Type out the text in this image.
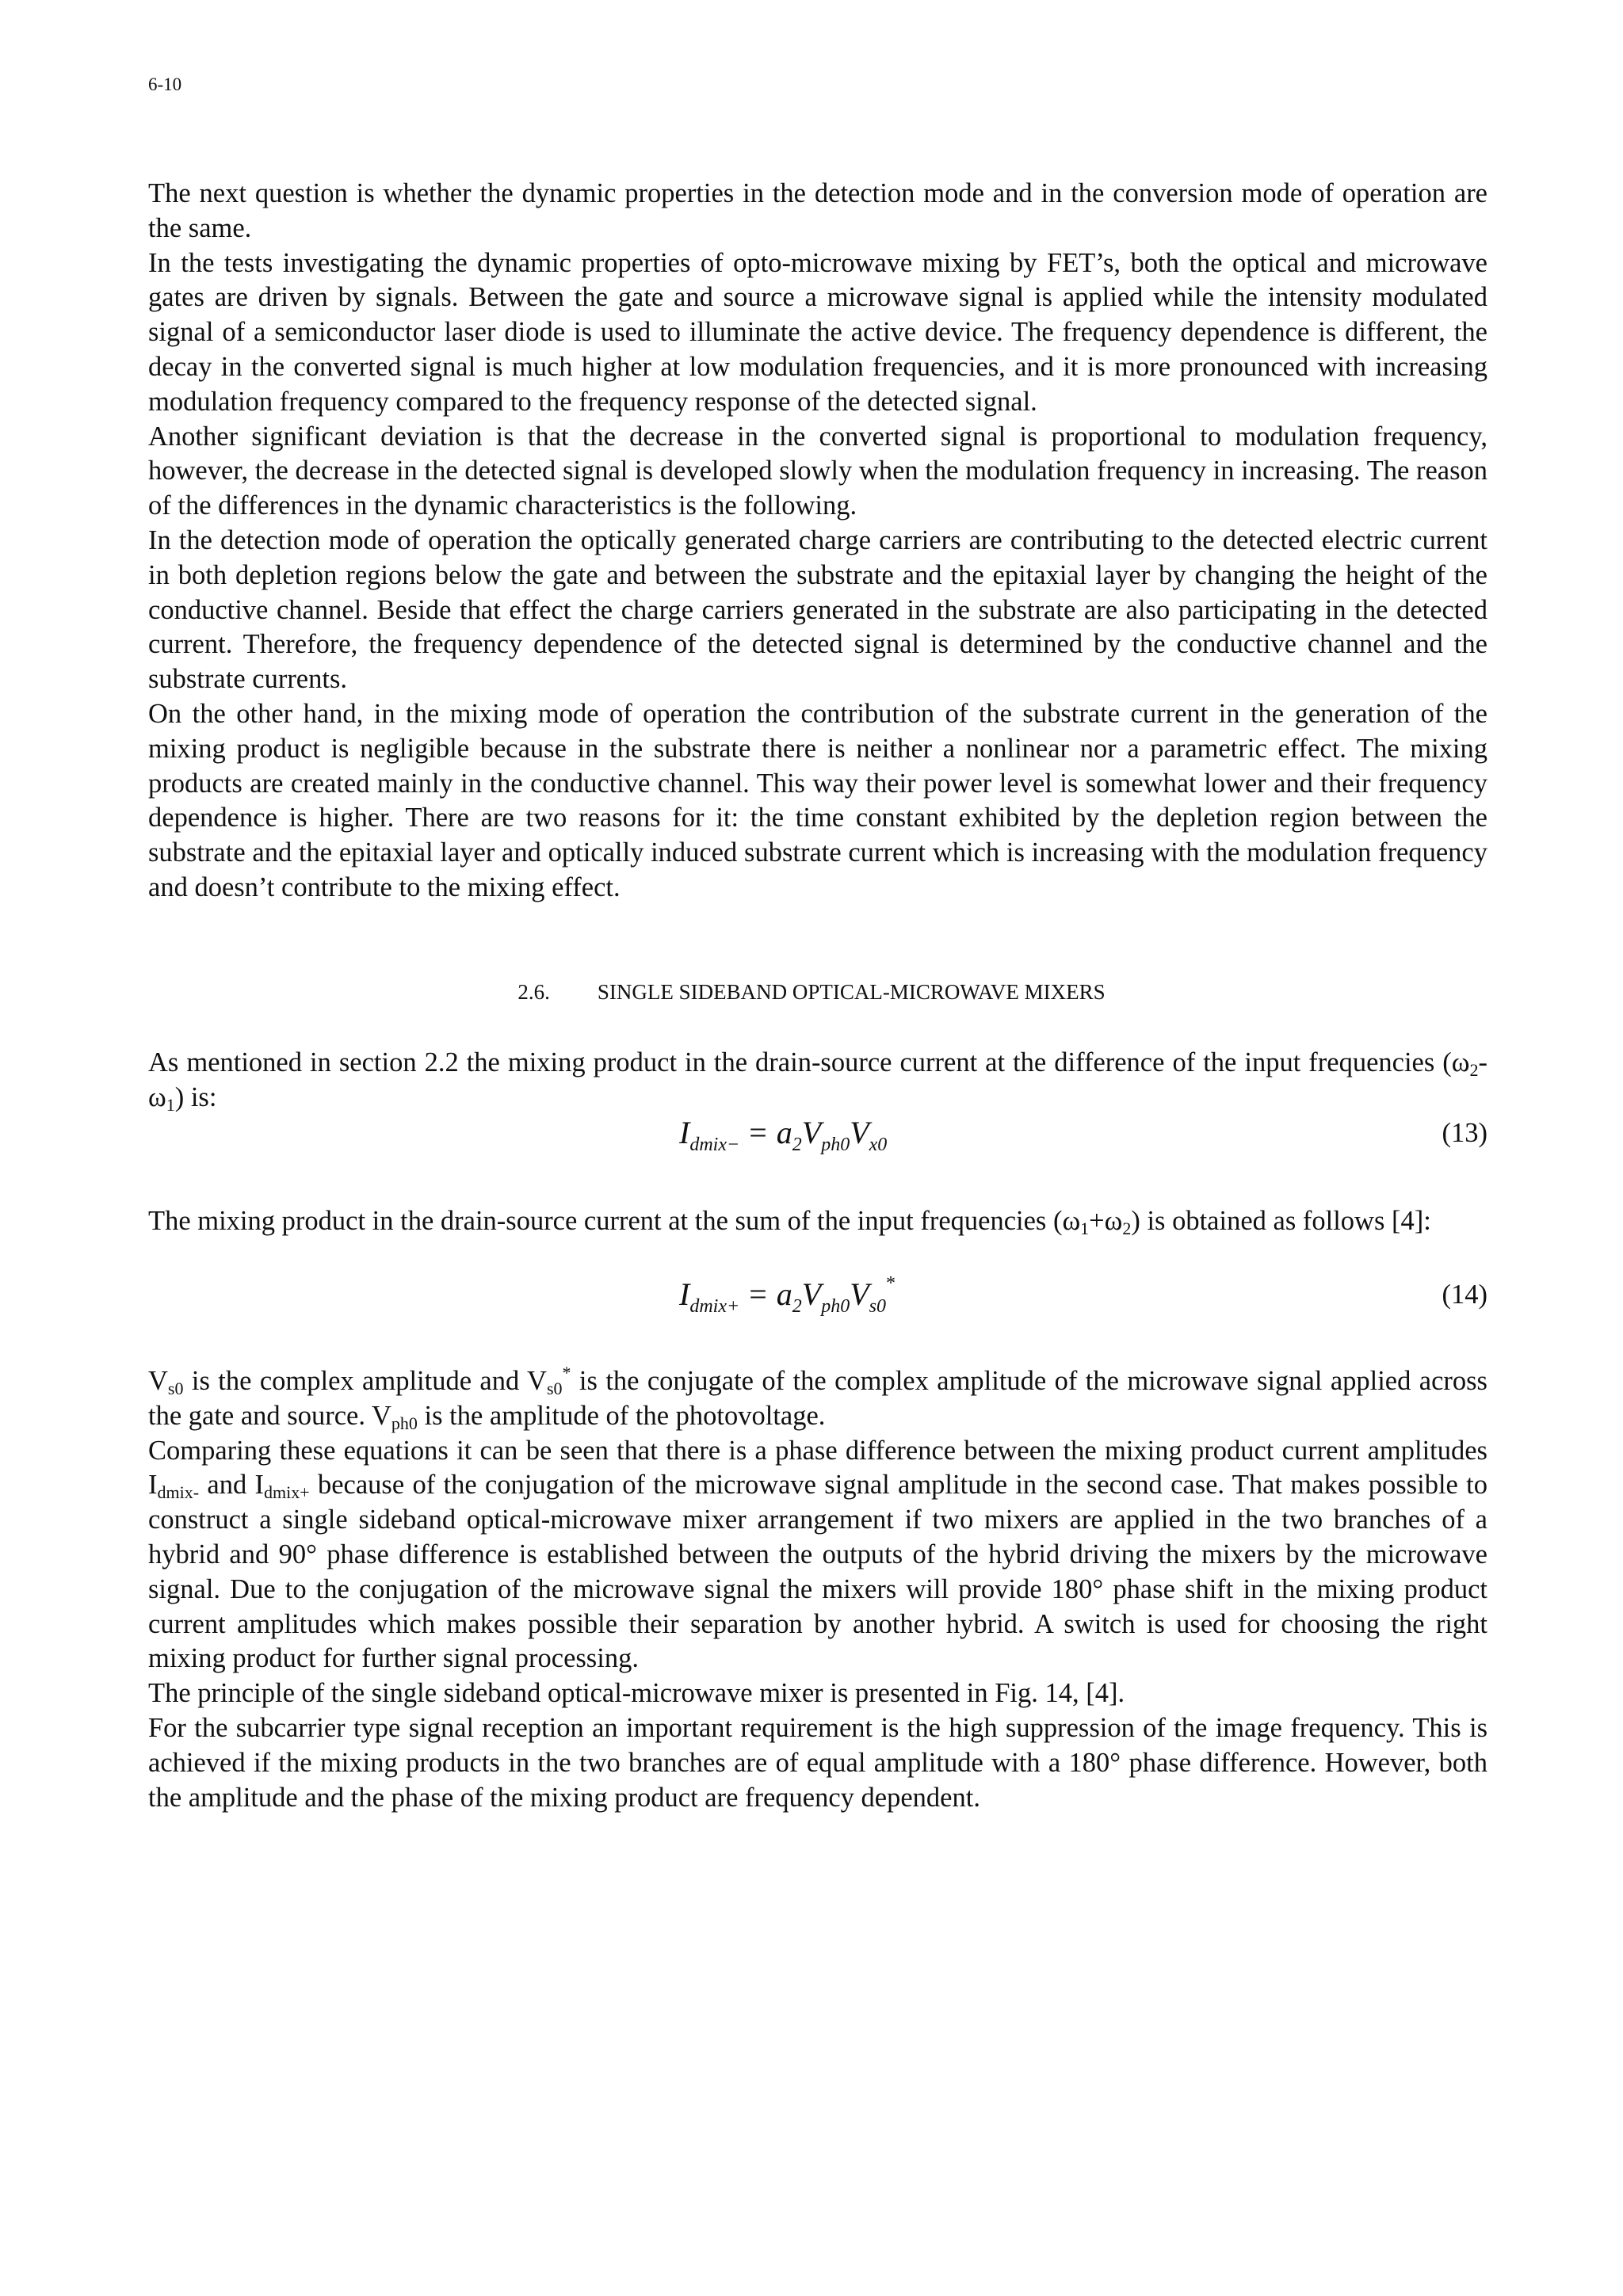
6-10

The next question is whether the dynamic properties in the detection mode and in the conversion mode of operation are the same.

In the tests investigating the dynamic properties of opto-microwave mixing by FET’s, both the optical and microwave gates are driven by signals. Between the gate and source a microwave signal is applied while the intensity modulated signal of a semiconductor laser diode is used to illuminate the active device. The frequency dependence is different, the decay in the converted signal is much higher at low modulation frequencies, and it is more pronounced with increasing modulation frequency compared to the frequency response of the detected signal.

Another significant deviation is that the decrease in the converted signal is proportional to modulation frequency, however, the decrease in the detected signal is developed slowly when the modulation frequency in increasing. The reason of the differences in the dynamic characteristics is the following.

In the detection mode of operation the optically generated charge carriers are contributing to the detected electric current in both depletion regions below the gate and between the substrate and the epitaxial layer by changing the height of the conductive channel. Beside that effect the charge carriers generated in the substrate are also participating in the detected current. Therefore, the frequency dependence of the detected signal is determined by the conductive channel and the substrate currents.

On the other hand, in the mixing mode of operation the contribution of the substrate current in the generation of the mixing product is negligible because in the substrate there is neither a nonlinear nor a parametric effect. The mixing products are created mainly in the conductive channel. This way their power level is somewhat lower and their frequency dependence is higher. There are two reasons for it: the time constant exhibited by the depletion region between the substrate and the epitaxial layer and optically induced substrate current which is increasing with the modulation frequency and doesn’t contribute to the mixing effect.

2.6. SINGLE SIDEBAND OPTICAL-MICROWAVE MIXERS

As mentioned in section 2.2 the mixing product in the drain-source current at the difference of the input frequencies $(\omega_2-\omega_1)$ is:

$I_{dmix-} = a_2V_{ph0}V_{x0}$	(13)

The mixing product in the drain-source current at the sum of the input frequencies $(\omega_1+\omega_2)$ is obtained as follows [4]:

$I_{dmix+} = a_2V_{ph0}V_{s0}^*$	(14)

$V_{s0}$ is the complex amplitude and $V_{s0}^*$ is the conjugate of the complex amplitude of the microwave signal applied across the gate and source. $V_{ph0}$ is the amplitude of the photovoltage.

Comparing these equations it can be seen that there is a phase difference between the mixing product current amplitudes $I_{dmix-}$ and $I_{dmix+}$ because of the conjugation of the microwave signal amplitude in the second case. That makes possible to construct a single sideband optical-microwave mixer arrangement if two mixers are applied in the two branches of a hybrid and 90° phase difference is established between the outputs of the hybrid driving the mixers by the microwave signal. Due to the conjugation of the microwave signal the mixers will provide 180° phase shift in the mixing product current amplitudes which makes possible their separation by another hybrid. A switch is used for choosing the right mixing product for further signal processing.

The principle of the single sideband optical-microwave mixer is presented in Fig. 14, [4].

For the subcarrier type signal reception an important requirement is the high suppression of the image frequency. This is achieved if the mixing products in the two branches are of equal amplitude with a 180° phase difference. However, both the amplitude and the phase of the mixing product are frequency dependent.
